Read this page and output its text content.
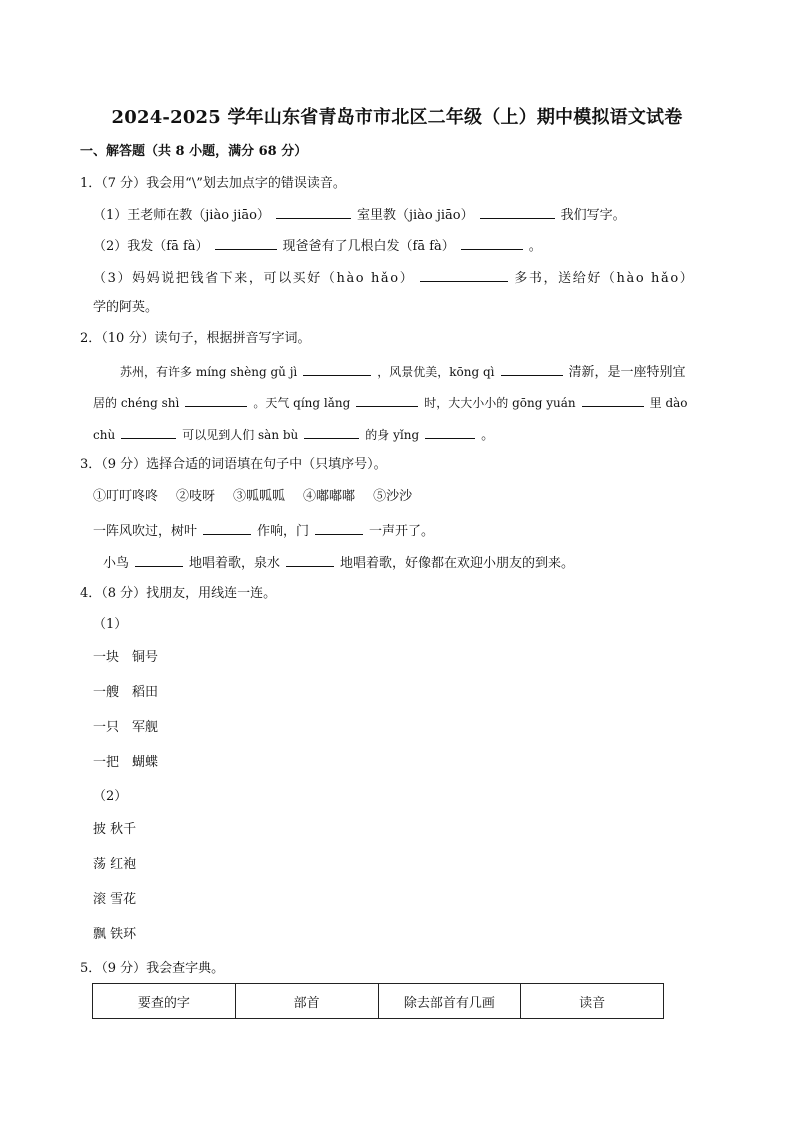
2024-2025 学年山东省青岛市市北区二年级（上）期中模拟语文试卷
一、解答题（共 8 小题，满分 68 分）
1．（7 分）我会用“\”划去加点字的错误读音。
（1）王老师在教（jiào jiāo）	室里教（jiào jiāo）	我们写字。
（2）我发（fā fà）	现爸爸有了几根白发（fā fà）	。
（3）妈妈说把钱省下来，可以买好（hào hǎo）	多书，送给好（hào hǎo）
学的阿英。
2．（10 分）读句子，根据拼音写字词。
苏州，有许多 míng shèng gǔ jì	，风景优美，kōng qì	清新，是一座特别宜
居的 chéng shì	。天气 qíng lǎng	时，大大小小的 gōng yuán	里 dào
chù	可以见到人们 sàn bù	的身 yǐng	。
3．（9 分）选择合适的词语填在句子中（只填序号）。
①叮叮咚咚 ②吱呀 ③呱呱呱 ④嘟嘟嘟 ⑤沙沙
一阵风吹过，树叶	作响，门	一声开了。
小鸟	地唱着歌，泉水	地唱着歌，好像都在欢迎小朋友的到来。
4．（8 分）找朋友，用线连一连。
（1）
一块　铜号
一艘　稻田
一只　军舰
一把　蝴蝶
（2）
披 秋千
荡 红袍
滚 雪花
飘 铁环
5．（9 分）我会查字典。
要查的字	部首	除去部首有几画	读音
